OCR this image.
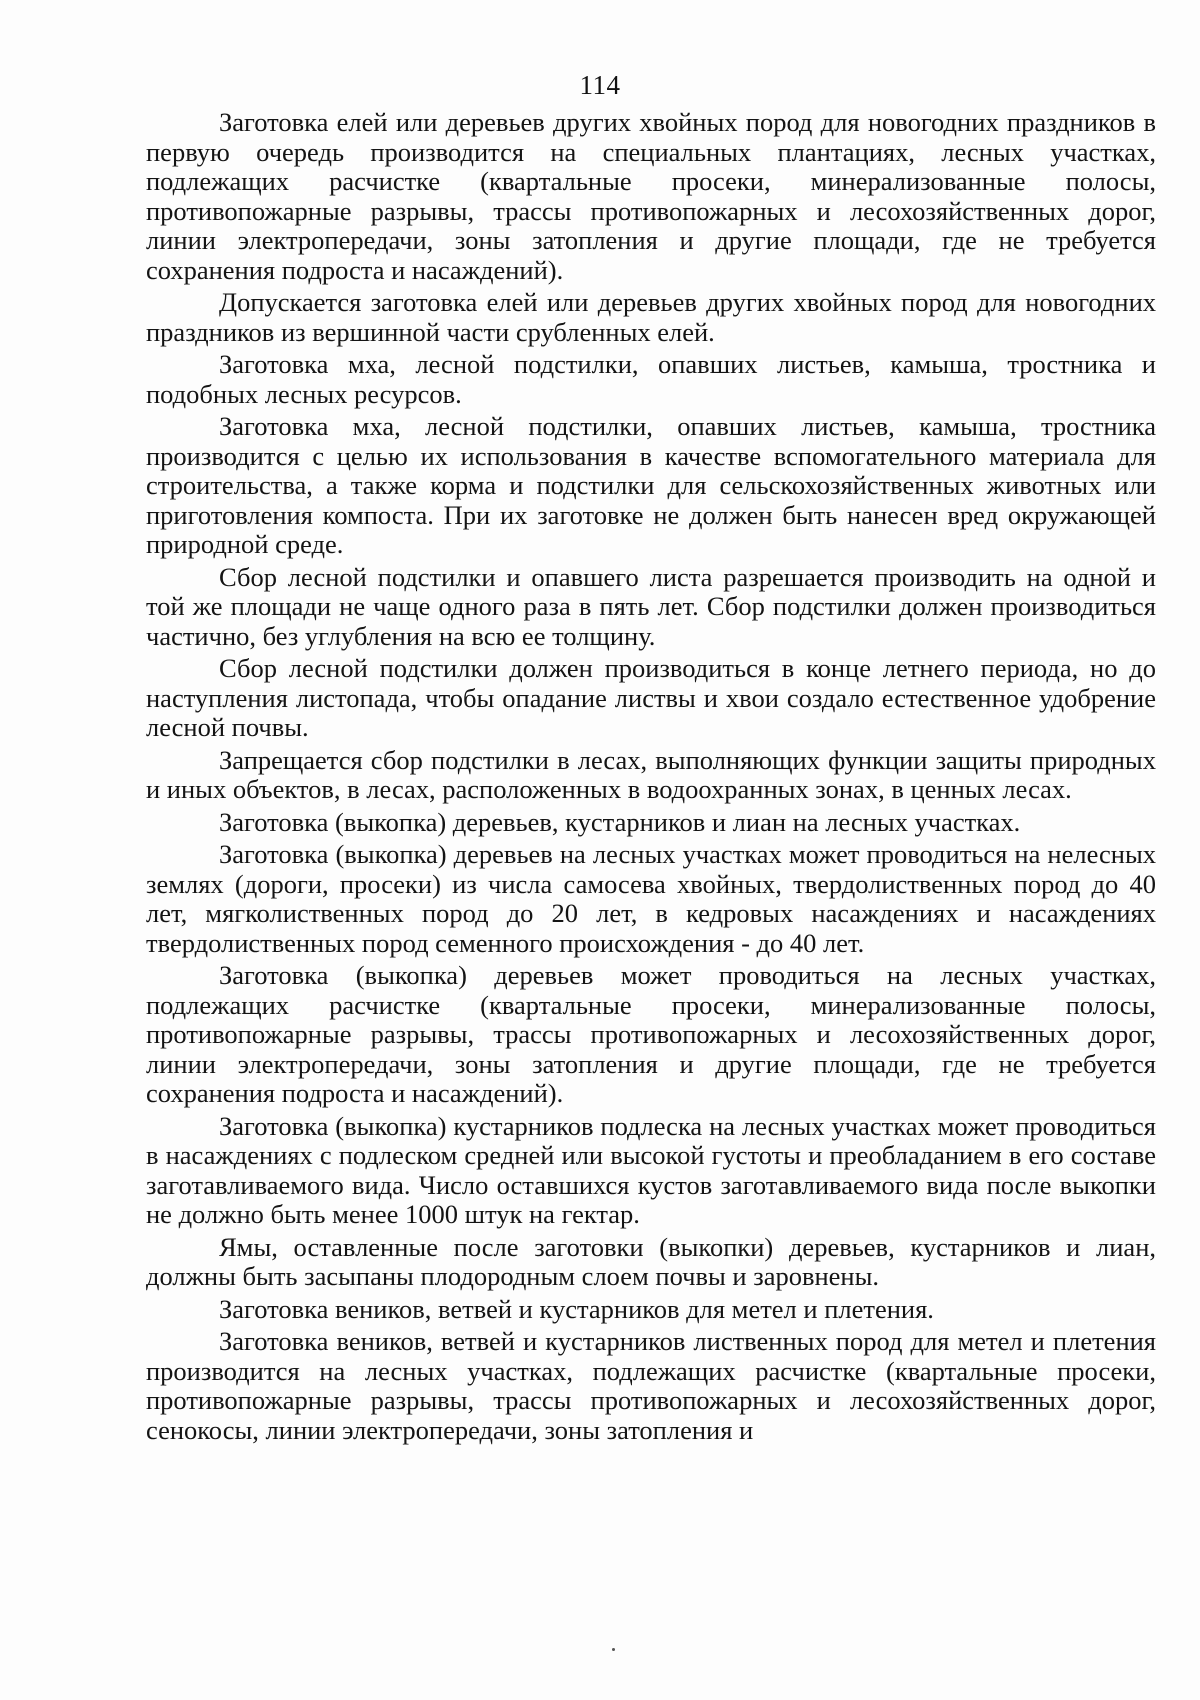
114

Заготовка елей или деревьев других хвойных пород для новогодних праздников в первую очередь производится на специальных плантациях, лесных участках, подлежащих расчистке (квартальные просеки, минерализованные полосы, противопожарные разрывы, трассы противопожарных и лесохозяйственных дорог, линии электропередачи, зоны затопления и другие площади, где не требуется сохранения подроста и насаждений).

Допускается заготовка елей или деревьев других хвойных пород для новогодних праздников из вершинной части срубленных елей.

Заготовка мха, лесной подстилки, опавших листьев, камыша, тростника и подобных лесных ресурсов.

Заготовка мха, лесной подстилки, опавших листьев, камыша, тростника производится с целью их использования в качестве вспомогательного материала для строительства, а также корма и подстилки для сельскохозяйственных животных или приготовления компоста. При их заготовке не должен быть нанесен вред окружающей природной среде.

Сбор лесной подстилки и опавшего листа разрешается производить на одной и той же площади не чаще одного раза в пять лет. Сбор подстилки должен производиться частично, без углубления на всю ее толщину.

Сбор лесной подстилки должен производиться в конце летнего периода, но до наступления листопада, чтобы опадание листвы и хвои создало естественное удобрение лесной почвы.

Запрещается сбор подстилки в лесах, выполняющих функции защиты природных и иных объектов, в лесах, расположенных в водоохранных зонах, в ценных лесах.

Заготовка (выкопка) деревьев, кустарников и лиан на лесных участках.

Заготовка (выкопка) деревьев на лесных участках может проводиться на нелесных землях (дороги, просеки) из числа самосева хвойных, твердолиственных пород до 40 лет, мягколиственных пород до 20 лет, в кедровых насаждениях и насаждениях твердолиственных пород семенного происхождения - до 40 лет.

Заготовка (выкопка) деревьев может проводиться на лесных участках, подлежащих расчистке (квартальные просеки, минерализованные полосы, противопожарные разрывы, трассы противопожарных и лесохозяйственных дорог, линии электропередачи, зоны затопления и другие площади, где не требуется сохранения подроста и насаждений).

Заготовка (выкопка) кустарников подлеска на лесных участках может проводиться в насаждениях с подлеском средней или высокой густоты и преобладанием в его составе заготавливаемого вида. Число оставшихся кустов заготавливаемого вида после выкопки не должно быть менее 1000 штук на гектар.

Ямы, оставленные после заготовки (выкопки) деревьев, кустарников и лиан, должны быть засыпаны плодородным слоем почвы и заровнены.

Заготовка веников, ветвей и кустарников для метел и плетения.

Заготовка веников, ветвей и кустарников лиственных пород для метел и плетения производится на лесных участках, подлежащих расчистке (квартальные просеки, противопожарные разрывы, трассы противопожарных и лесохозяйственных дорог, сенокосы, линии электропередачи, зоны затопления и
